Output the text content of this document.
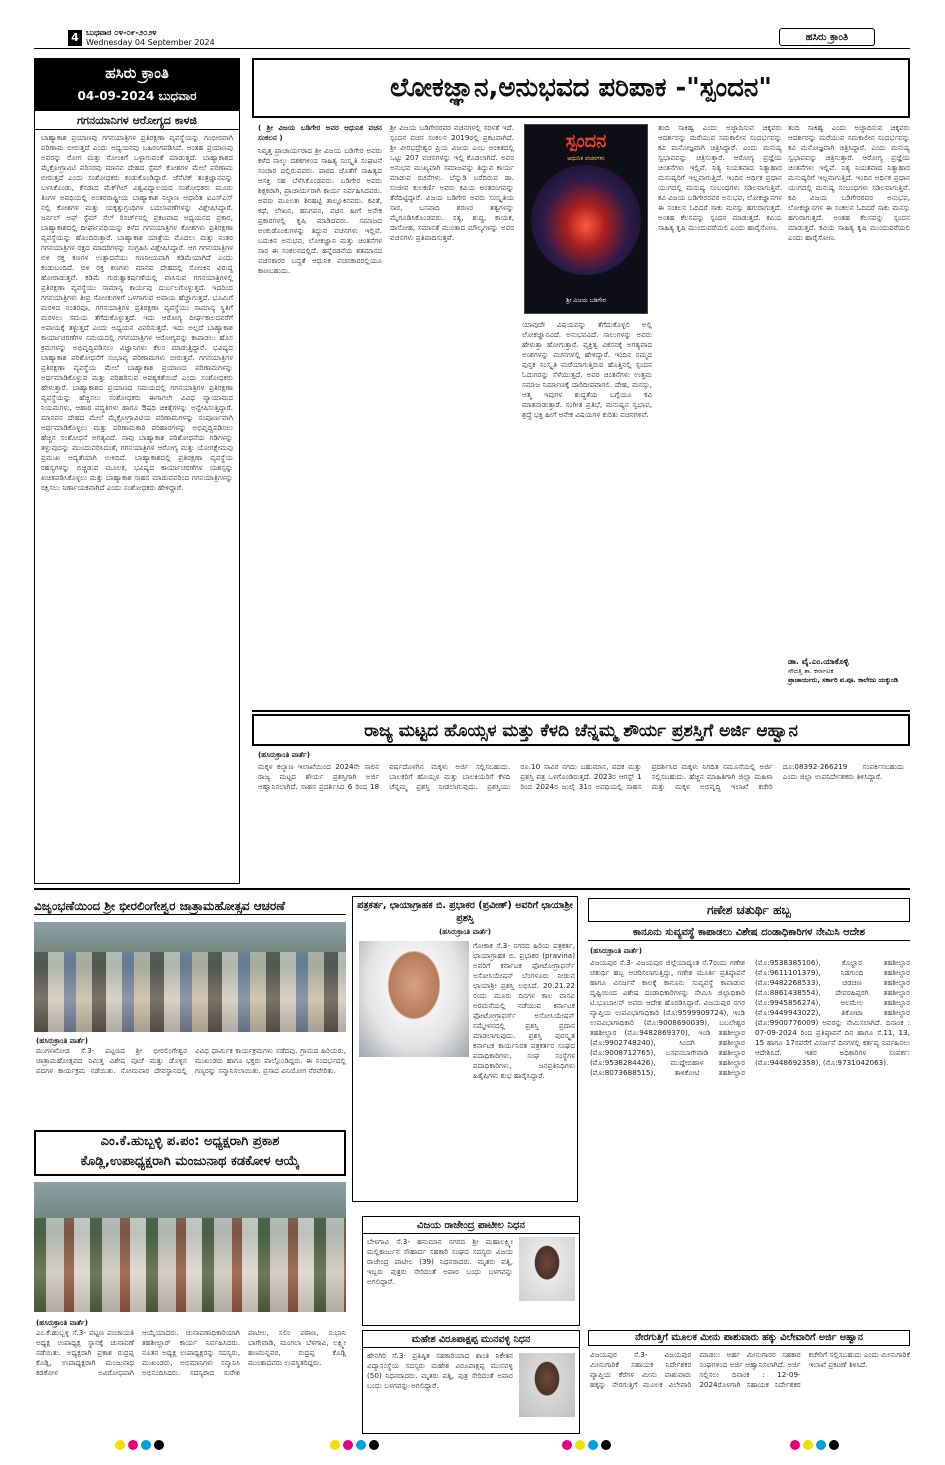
4 ಬುಧವಾರ ೦೪-೦೯-೨೦೨೪
Wednesday 04 September 2024	ಹಸಿರು ಕ್ರಾಂತಿ
ಹಸಿರು ಕ್ರಾಂತಿ
04-09-2024 ಬುಧವಾರ
ಗಗನಯಾನಿಗಳ ಆರೋಗ್ಯದ ಕಾಳಜಿ
ಬಾಹ್ಯಾಕಾಶ ಪ್ರಯಾಣವು ಗಗನಯಾತ್ರಿಗಳ ಪ್ರತಿರಕ್ಷಣಾ ವ್ಯವಸ್ಥೆಯನ್ನು ಗಂಭೀರವಾಗಿ ಪರಿಣಾಮ ಬೀರುತ್ತದೆ ಎಂದು ಅಧ್ಯಯನವು ಬಹಿರಂಗಪಡಿಸಿದೆ. ಅಂತಹ ಪ್ರಯಾಣವು ಅವರನ್ನು ರೋಗ ಮತ್ತು ಸೋಂಕಿಗೆ ಒಳ್ಳಾಗುವಂತೆ ಮಾಡುತ್ತದೆ. ಬಾಹ್ಯಾಕಾಶದ ಮೈಕ್ರೋಗ್ರಾವಿಟಿ ಪರಿಸರವು ಮಾನವ ದೇಹದ ಸ್ಟೆಮ್ ಕೋಶಗಳ ಮೇಲೆ ಪರಿಣಾಮ ಬೀರುತ್ತದೆ ಎಂದು ಸಂಶೋಧಕರು ಕಂಡುಕೊಂಡಿದ್ದಾರೆ. ಜೆನೆಟಿಕ್ ತಂತ್ರಜ್ಞಾನವನ್ನು ಬಳಸಿಕೊಂಡು, ಕೆನಡಾದ ಮೆಕ್‌ಗಿಲ್ ವಿಶ್ವವಿದ್ಯಾಲಯದ ಸಂಶೋಧಕರು ಮೂರು ತಿಂಗಳ ಅವಧಿಯಲ್ಲಿ ಅಂತರರಾಷ್ಟ್ರೀಯ ಬಾಹ್ಯಾಕಾಶ ನಿಲ್ದಾಣ ಆಧಾರಿತ ಐಎಸ್‌ಎಸ್ ನಲ್ಲಿ ಕೋಶಗಳ ಮತ್ತು ಯಕೃತ್ತುಗ್ರಂಥಿಗಳ ಬದಲಾವಣೆಗಳನ್ನು ವಿಶ್ಲೇಷಿಸಿದ್ದಾರೆ. ಜರ್ನಲ್ ಆಫ್ ಸ್ಟೆಮ್ ಸೆಲ್ ರಿಸರ್ಚ್‌ನಲ್ಲಿ ಪ್ರಕಟವಾದ ಅಧ್ಯಯನದ ಪ್ರಕಾರ, ಬಾಹ್ಯಾಕಾಶದಲ್ಲಿ ದೀರ್ಘಾವಧಿಯನ್ನು ಕಳೆದ ಗಗನಯಾತ್ರಿಗಳ ಕೋಶಗಳು ಪ್ರತಿರಕ್ಷಣಾ ವ್ಯವಸ್ಥೆಯನ್ನು ಹೊಂದಿರುತ್ತಾರೆ. ಬಾಹ್ಯಾಕಾಶ ಯಾತ್ರೆಯ ಮೊದಲು ಮತ್ತು ನಂತರ ಗಗನಯಾತ್ರಿಗಳ ರಕ್ತದ ಮಾದರಿಗಳನ್ನು ಸಂಗ್ರಹಿಸಿ ವಿಶ್ಲೇಷಿಸಿದ್ದಾರೆ. ಆಗ ಗಗನಯಾತ್ರಿಗಳ ಬಿಳಿ ರಕ್ತ ಕಣಗಳ ಉತ್ಪಾದನೆಯು ಗಣನೀಯವಾಗಿ ಕಡಿಮೆಯಾಗಿದೆ ಎಂದು ಕಂಡುಬಂದಿದೆ. ಬಿಳಿ ರಕ್ತ ಕಣಗಳು ಮಾನವ ದೇಹದಲ್ಲಿ ಸೋಂಕಿನ ವಿರುದ್ಧ ಹೋರಾಡುತ್ತವೆ. ಕಡಿಮೆ ಗುರುತ್ವಾಕರ್ಷಣೆಯಲ್ಲಿ ವಾಸಿಸುವ ಗಗನಯಾತ್ರಿಗಳಲ್ಲಿ ಪ್ರತಿರಕ್ಷಣಾ ವ್ಯವಸ್ಥೆಯು ಸಾಮಾನ್ಯ ಕಾರ್ಯವು ದುರ್ಬಲಗೊಳ್ಳುತ್ತದೆ. ಇದರಿಂದ ಗಗನಯಾತ್ರಿಗಳು ತೀವ್ರ ಸೋಂಕುಗಳಿಗೆ ಒಳಗಾಗುವ ಅಪಾಯ ಹೆಚ್ಚಾಗುತ್ತದೆ. ಭೂಮಿಗೆ ಮರಳಿದ ನಂತರವೂ, ಗಗನಯಾತ್ರಿಗಳ ಪ್ರತಿರಕ್ಷಣಾ ವ್ಯವಸ್ಥೆಯು ಸಾಮಾನ್ಯ ಸ್ಥಿತಿಗೆ ಮರಳಲು ಸಮಯ ತೆಗೆದುಕೊಳ್ಳುತ್ತದೆ. ಇದು ಆರೋಗ್ಯ ದೀರ್ಘಕಾಲದವರೆಗೆ ಅಪಾಯಕ್ಕೆ ತಳ್ಳುತ್ತದೆ ಎಂದು ಅಧ್ಯಯನ ವಿವರಿಸುತ್ತದೆ. ಇದು ಅಲ್ಲದೆ ಬಾಹ್ಯಾಕಾಶ ಕಾರ್ಯಾಚರಣೆಗಳ ಸಮಯದಲ್ಲಿ ಗಗನಯಾತ್ರಿಗಳ ಆರೋಗ್ಯವನ್ನು ಕಾಪಾಡಲು ಹೊಸ ಕ್ರಮಗಳನ್ನು ಅಭಿವೃದ್ಧಿಪಡಿಸಲು ವಿಜ್ಞಾನಿಗಳು ಕೆಲಸ ಮಾಡುತ್ತಿದ್ದಾರೆ. ಭವಿಷ್ಯದ ಬಾಹ್ಯಾಕಾಶ ಪರಿಶೋಧನೆಗೆ ಸಂಭಾವ್ಯ ಪರಿಣಾಮಗಳು ಬೀರುತ್ತವೆ. ಗಗನಯಾತ್ರಿಗಳ ಪ್ರತಿರಕ್ಷಣಾ ವ್ಯವಸ್ಥೆಯ ಮೇಲೆ ಬಾಹ್ಯಾಕಾಶ ಪ್ರಯಾಣದ ಪರಿಣಾಮಗಳನ್ನು ಅರ್ಥಮಾಡಿಕೊಳ್ಳುವ ಮತ್ತು ಪರಿಹರಿಸುವ ಅವಶ್ಯಕತೆಯಿದೆ ಎಂದು ಸಂಶೋಧಕರು ಹೇಳುತ್ತಾರೆ. ಬಾಹ್ಯಾಕಾಶದ ಪ್ರಯಾಣದ ಸಮಯದಲ್ಲಿ ಗಗನಯಾತ್ರಿಗಳ ಪ್ರತಿರಕ್ಷಣಾ ವ್ಯವಸ್ಥೆಯನ್ನು ಹೆಚ್ಚಿಸಲು ಸಂಶೋಧಕರು ಈಗಾಗಲೇ ವಿವಿಧ ವ್ಯಾಯಾಮದ ನಿಯಮಗಳು, ಆಹಾರ ಪದ್ಧತಿಗಳು ಹಾಗೂ ಔಷಧಿ ಚಿಕಿತ್ಸೆಗಳನ್ನು ಅನ್ವೇಷಿಸುತ್ತಿದ್ದಾರೆ. ಮಾನವನ ದೇಹದ ಮೇಲೆ ಮೈಕ್ರೋಗ್ರಾವಿಟಿಯ ಪರಿಣಾಮಗಳನ್ನು ಸಂಪೂರ್ಣವಾಗಿ ಅರ್ಥಮಾಡಿಕೊಳ್ಳಲು ಮತ್ತು ಪರಿಣಾಮಕಾರಿ ಪರಿಹಾರಗಳನ್ನು ಅಭಿವೃದ್ಧಿಪಡಿಸಲು ಹೆಚ್ಚಿನ ಸಂಶೋಧನೆ ಅಗತ್ಯವಿದೆ. ನಾವು ಬಾಹ್ಯಾಕಾಶ ಪರಿಶೋಧನೆಯ ಗಡಿಗಳನ್ನು ತಳ್ಳುವುದನ್ನು ಮುಂದುವರಿಸಿದಂತೆ, ಗಗನಯಾತ್ರಿಗಳ ಆರೋಗ್ಯ ಮತ್ತು ಯೋಗಕ್ಷೇಮವು ಪ್ರಮುಖ ಆದ್ಯತೆಯಾಗಿ ಉಳಿದಿದೆ. ಬಾಹ್ಯಾಕಾಶದಲ್ಲಿ ಪ್ರತಿರಕ್ಷಣಾ ವ್ಯವಸ್ಥೆಯ ರಹಸ್ಯಗಳನ್ನು ಬಿಚ್ಚಿಡುವ ಮೂಲಕ, ಭವಿಷ್ಯದ ಕಾರ್ಯಾಚರಣೆಗಳ ಯಶಸ್ಸನ್ನು ಖಚಿತಪಡಿಸಿಕೊಳ್ಳಲು ಮತ್ತು ಬಾಹ್ಯಾಕಾಶ ಸಾಹಸ ಮಾಡುವವರಿಂದ ಗಗನಯಾತ್ರಿಗಳನ್ನು ರಕ್ಷಿಸಲು ನಿರ್ಣಾಯಕವಾಗಿದೆ ಎಂದು ಸಂಶೋಧಕರು ಹೇಳಿದ್ದಾರೆ.
ಲೋಕಜ್ಞಾನ,ಅನುಭವದ ಪರಿಪಾಕ -"ಸ್ಪಂದನ"
( ಶ್ರೀ ವಿಜಯ ಬಡಿಗೇರ ಅವರ ಆಧುನಿಕ ವಚನ ಸಂಕಲನ )
ನಿವೃತ್ತ ಪ್ರಾಚಾರ್ಯರಾದ ಶ್ರೀ ವಿಜಯ ಬಡಿಗೇರ ಅವರು ಕಳೆದ ನಾಲ್ಕು ದಶಕಗಳಿಂದ ಸಾಹಿತ್ಯ ಸಂಸ್ಕೃತಿ ಸಂಘಟನೆ ಸಂಚಾರ ದಲ್ಲಿರುವವರು. ಪಾಠದ ಜೊತೆಗೆ ಸಾಹಿತ್ಯದ ಆಸಕ್ತಿ ಸಹ ಬೆಳೆಸಿಕೊಂಡವರು. ಬಡಿಗೇರ ಅವರು ಶಿಕ್ಷಕರಾಗಿ, ಪ್ರಾಚಾರ್ಯರಾಗಿ ಕಾರ್ಯ ನಿರ್ವಹಿಸಿದವರು. ಅವರು ಮೂಲತಃ ಶಿರಹಟ್ಟಿ ತಾಲ್ಲೂಕಿನವರು. ಕವಿತೆ, ಕಥೆ, ಲೇಖನ, ಹನಿಗವನ, ವಚನ ಹೀಗೆ ಅನೇಕ ಪ್ರಕಾರಗಳಲ್ಲಿ ಕೃಷಿ ಮಾಡಿದವರು. ಸಮಾಜದ ಅಂಕುಡೊಂಕುಗಳನ್ನು ತಿದ್ದುವ ವಚನಗಳು ಇಲ್ಲಿವೆ. ಬದುಕಿನ ಅನುಭವ, ಲೋಕಜ್ಞಾನ ಮತ್ತು ಚಿಂತನೆಗಳ ಸಾರ ಈ ಸಂಕಲನದಲ್ಲಿದೆ. ಹನ್ನೆರಡನೆಯ ಶತಮಾನದ ವಚನಕಾರರ ಬದ್ಧತೆ ಆಧುನಿಕ ವಚನಕಾರರಲ್ಲಿಯೂ ಕಾಣಬಹುದು.
ಶ್ರೀ ವಿಜಯ ಬಡಿಗೇರರವರ ವಚನಗಳಲ್ಲಿ ಸರಳತೆ ಇದೆ. ಸ್ಪಂದನ ವಚನ ಸಂಕಲನ 2019ರಲ್ಲಿ ಪ್ರಕಟವಾಗಿದೆ. ಶ್ರೀ ವೀರಭದ್ರೇಶ್ವರ ಪ್ರಿಯ ವಿಜಯ ಎಂಬ ಅಂಕಿತದಲ್ಲಿ ಒಟ್ಟು 207 ವಚನಗಳನ್ನು ಇಲ್ಲಿ ಕೊಡಲಾಗಿದೆ. ಅವರ ಅನುಭವ ಮುಖ್ಯವಾಗಿ ಸಮಾಜವನ್ನು ತಿದ್ದುವ ಕಾರ್ಯ ಮಾಡುವ ರಚನೆಗಳು. ಬೆನ್ನುಡಿ ಬರೆದಿರುವ ಡಾ. ಸಂಜೀವ ಕುಲಕರ್ಣಿ ಅವರು ಕವಿಯ ಅಂತರಂಗವನ್ನು ತೆರೆದಿಟ್ಟಿದ್ದಾರೆ. ವಿಜಯ ಬಡಿಗೇರ ಅವರು ಸಂಸ್ಕೃತಿಯ ಸಾರ, ಬಸವಾದಿ ಶರಣರ ತತ್ವಗಳನ್ನು ಮೈಗೂಡಿಸಿಕೊಂಡವರು. ಸತ್ಯ, ಶುದ್ಧ, ಕಾಯಕ, ದಾಸೋಹ, ಸಮಾನತೆ ಮುಂತಾದ ಮೌಲ್ಯಗಳನ್ನು ಅವರ ವಚನಗಳು ಪ್ರತಿಪಾದಿಸುತ್ತವೆ.
ಸ್ಪಂದನ
ಆಧುನಿಕ ವಚನಗಳು
ಶ್ರೀ ವಿಜಯ ಬಡಿಗೇರ
ಯಾವುದೇ ವಿಷಯವನ್ನು ತೆಗೆದುಕೊಳ್ಳಲಿ ಅಲ್ಲಿ ಲೋಕಜ್ಞಾನವಿದೆ. ಅನುಭವವಿದೆ. ಸಾಲುಗಳನ್ನು ಅವರು ಹೇಳುತ್ತಾ ಹೋಗುತ್ತಾರೆ. ವ್ಯಕ್ತಿತ್ವ ವಿಕಸನಕ್ಕೆ ಅಗತ್ಯವಾದ ಅಂಶಗಳನ್ನು ವಚನಗಳಲ್ಲಿ ಹೇಳಿದ್ದಾರೆ. ಇಂದಿನ ನಮ್ಮದ ಪುಸ್ತಕ ಸಂಸ್ಕೃತಿ ಮರೆಯಾಗುತ್ತಿರುವ ಹೊತ್ತಿನಲ್ಲಿ ಸ್ಪಂದನ ಓದುಗರನ್ನು ಸೆಳೆಯುತ್ತದೆ. ಅವರ ಚಿಂತನೆಗಳು ಉತ್ತಮ ಸಮಾಜ ನಿರ್ಮಾಣಕ್ಕೆ ದಾರಿದೀಪವಾಗಲಿ. ದೇಹ, ಮನಸ್ಸು, ಆತ್ಮ ಇವುಗಳ ಶುದ್ಧತೆಯ ಬಗ್ಗೆಯೂ ಕವಿ ಮಾತನಾಡುತ್ತಾರೆ. ಸಂಗೀತ ಪ್ರತಿಭೆ, ಮನುಷ್ಯನ ಸ್ವಭಾವ, ಶ್ರದ್ಧೆ ಭಕ್ತಿ ಹೀಗೆ ಅನೇಕ ವಿಷಯಗಳ ಕುರಿತು ವಚನಗಳಿವೆ.
ತಂದಿ ಸಾಕಿಹ್ವ ಎಂದು ಅಜ್ಜಾದಿಸುವ ಚಿಕ್ಕವರು ಆದರ್ಶರನ್ನು ಮರೆಯುವ ಸಮಕಾಲೀನ ಸಂದರ್ಭವನ್ನು ಕವಿ ಮನೋಜ್ಞವಾಗಿ ಚಿತ್ರಿಸಿದ್ದಾರೆ. ಎಂದು ಮನುಷ್ಯ ಸ್ವಭಾವವನ್ನು ಚಿತ್ರಿಸುತ್ತಾರೆ. ಆರೋಗ್ಯ ಪ್ರಜ್ಞೆಯ ಚಿಂತನೆಗಳು ಇಲ್ಲಿವೆ. ನಿತ್ಯ ನಿಯತವಾದ ನಿತ್ಯಾಹಾರ ಮನುಷ್ಯರಿಗೆ ಇಲ್ಲವಾಗುತ್ತಿದೆ. ಇಂದಿನ ಆರ್ಥಿಕ ಪ್ರಧಾನ ಯುಗದಲ್ಲಿ ಮನುಷ್ಯ ಸಂಬಂಧಗಳು ಸಡಿಲವಾಗುತ್ತಿವೆ. ಕವಿ ವಿಜಯ ಬಡಿಗೇರರವರ ಅನುಭವ, ಲೋಕಜ್ಞಾನಗಳ ಈ ಸಂಕಲನ ಓದಿದರೆ ಸಾಕು ಮನಸ್ಸು ಹಗುರಾಗುತ್ತದೆ. ಅಂತಹ ಕೆಲಸವನ್ನು ಸ್ಪಂದನ ಮಾಡುತ್ತದೆ. ಕವಿಯ ಸಾಹಿತ್ಯ ಕೃಷಿ ಮುಂದುವರೆಯಲಿ ಎಂದು ಹಾರೈಸೋಣ.
ತಂದಿ ಸಾಕಿಹ್ವ ಎಂದು ಅಜ್ಜಾದಿಸುವ ಚಿಕ್ಕವರು ಆದರ್ಶರನ್ನು ಮರೆಯುವ ಸಮಕಾಲೀನ ಸಂದರ್ಭವನ್ನು ಕವಿ ಮನೋಜ್ಞವಾಗಿ ಚಿತ್ರಿಸಿದ್ದಾರೆ. ಎಂದು ಮನುಷ್ಯ ಸ್ವಭಾವವನ್ನು ಚಿತ್ರಿಸುತ್ತಾರೆ. ಆರೋಗ್ಯ ಪ್ರಜ್ಞೆಯ ಚಿಂತನೆಗಳು ಇಲ್ಲಿವೆ. ನಿತ್ಯ ನಿಯತವಾದ ನಿತ್ಯಾಹಾರ ಮನುಷ್ಯರಿಗೆ ಇಲ್ಲವಾಗುತ್ತಿದೆ. ಇಂದಿನ ಆರ್ಥಿಕ ಪ್ರಧಾನ ಯುಗದಲ್ಲಿ ಮನುಷ್ಯ ಸಂಬಂಧಗಳು ಸಡಿಲವಾಗುತ್ತಿವೆ. ಕವಿ ವಿಜಯ ಬಡಿಗೇರರವರ ಅನುಭವ, ಲೋಕಜ್ಞಾನಗಳ ಈ ಸಂಕಲನ ಓದಿದರೆ ಸಾಕು ಮನಸ್ಸು ಹಗುರಾಗುತ್ತದೆ. ಅಂತಹ ಕೆಲಸವನ್ನು ಸ್ಪಂದನ ಮಾಡುತ್ತದೆ. ಕವಿಯ ಸಾಹಿತ್ಯ ಕೃಷಿ ಮುಂದುವರೆಯಲಿ ಎಂದು ಹಾರೈಸೋಣ.
ಡಾ. ವೈ.ಎಂ.ಯಾಕೊಳ್ಳಿ
ಸೌದತ್ತಿ ತಾ. ಕರ್ನಾಟಕ
ಪ್ರಾಚಾರ್ಯರು, ಸರ್ಕಾರಿ ಪ.ಪೂ. ಕಾಲೇಜು ಯಕ್ಕುಂಡಿ
ರಾಜ್ಯ ಮಟ್ಟದ ಹೊಯ್ಸಳ ಮತ್ತು ಕೆಳದಿ ಚೆನ್ನಮ್ಮ ಶೌರ್ಯ ಪ್ರಶಸ್ತಿಗೆ ಅರ್ಜಿ ಆಹ್ವಾನ
(ಹಸಿರುಕ್ರಾಂತಿ ವಾರ್ತೆ)
ಮಕ್ಕಳ ಕಲ್ಯಾಣ ಇಲಾಖೆಯಿಂದ 2024ನೇ ಸಾಲಿನ ರಾಜ್ಯ ಮಟ್ಟದ ಶೌರ್ಯ ಪ್ರಶಸ್ತಿಗಾಗಿ ಅರ್ಜಿ ಆಹ್ವಾನಿಸಲಾಗಿದೆ. ಸಾಹಸ ಪ್ರದರ್ಶಿಸಿದ 6 ರಿಂದ 18 ವರ್ಷದೊಳಗಿನ ಮಕ್ಕಳು ಅರ್ಜಿ ಸಲ್ಲಿಸಬಹುದು. ಬಾಲಕರಿಗೆ ಹೊಯ್ಸಳ ಮತ್ತು ಬಾಲಕಿಯರಿಗೆ ಕೆಳದಿ ಚೆನ್ನಮ್ಮ ಪ್ರಶಸ್ತಿ ನೀಡಲಾಗುವುದು. ಪ್ರಶಸ್ತಿಯು ರೂ.10 ಸಾವಿರ ನಗದು ಬಹುಮಾನ, ಪದಕ ಮತ್ತು ಪ್ರಶಸ್ತಿ ಪತ್ರ ಒಳಗೊಂಡಿರುತ್ತದೆ. 2023ರ ಆಗಸ್ಟ್ 1 ರಿಂದ 2024ರ ಜುಲೈ 31ರ ಅವಧಿಯಲ್ಲಿ ಸಾಹಸ ಪ್ರದರ್ಶಿಸಿದ ಮಕ್ಕಳು ನಿಗದಿತ ನಮೂನೆಯಲ್ಲಿ ಅರ್ಜಿ ಸಲ್ಲಿಸಬಹುದು. ಹೆಚ್ಚಿನ ಮಾಹಿತಿಗಾಗಿ ಜಿಲ್ಲಾ ಮಹಿಳಾ ಮತ್ತು ಮಕ್ಕಳ ಅಭಿವೃದ್ಧಿ ಇಲಾಖೆ ಕಚೇರಿ ದೂ:08392-266219 ಸಂಪರ್ಕಿಸಬಹುದು ಎಂದು ಜಿಲ್ಲಾ ಉಪನಿರ್ದೇಶಕರು ತಿಳಿಸಿದ್ದಾರೆ.
ವಿಜೃಂಭಣೆಯಿಂದ ಶ್ರೀ ಭೀರಲಿಂಗೇಶ್ವರ ಜಾತ್ರಾಮಹೋತ್ಸವ ಆಚರಣೆ
(ಹಸಿರುಕ್ರಾಂತಿ ವಾರ್ತೆ)
ಮುಗಳಖೋಡ ಸೆ.3- ಪಟ್ಟಣದ ಶ್ರೀ ಭೀರಲಿಂಗೇಶ್ವರ ಜಾತ್ರಾಮಹೋತ್ಸವದ ನಿಮಿತ್ತ ವಿಶೇಷ ಪೂಜೆ ಮತ್ತು ಡೊಳ್ಳಿನ ಪದಗಳ ಕಾರ್ಯಕ್ರಮ ನಡೆಯಿತು. ಸೋಮವಾರ ದೇವಸ್ಥಾನದಲ್ಲಿ ವಿವಿಧ ಧಾರ್ಮಿಕ ಕಾರ್ಯಕ್ರಮಗಳು ನಡೆದವು. ಗ್ರಾಮದ ಹಿರಿಯರು, ಮುಖಂಡರು ಹಾಗೂ ಭಕ್ತರು ಪಾಲ್ಗೊಂಡಿದ್ದರು. ಈ ಸಂದರ್ಭದಲ್ಲಿ ಗಣ್ಯರನ್ನು ಸನ್ಮಾನಿಸಲಾಯಿತು. ಪ್ರಸಾದ ವಿನಿಯೋಗ ನೆರವೇರಿತು.
ಎಂ.ಕೆ.ಹುಬ್ಬಳ್ಳಿ ಪ.ಪಂ: ಅಧ್ಯಕ್ಷರಾಗಿ ಪ್ರಕಾಶ
ಕೊಡ್ಲಿ,ಉಪಾಧ್ಯಕ್ಷರಾಗಿ ಮಂಜುನಾಥ ಕಡಕೋಳ ಆಯ್ಕೆ
(ಹಸಿರುಕ್ರಾಂತಿ ವಾರ್ತೆ)
ಎಂ.ಕೆ.ಹುಬ್ಬಳ್ಳಿ ಸೆ.3- ಪಟ್ಟಣ ಪಂಚಾಯತಿ ಅಧ್ಯಕ್ಷ ಉಪಾಧ್ಯಕ್ಷ ಸ್ಥಾನಕ್ಕೆ ಚುನಾವಣೆ ನಡೆಯಿತು. ಅಧ್ಯಕ್ಷರಾಗಿ ಪ್ರಕಾಶ ರುದ್ರಪ್ಪ ಕೊಡ್ಲಿ, ಉಪಾಧ್ಯಕ್ಷರಾಗಿ ಮಂಜುನಾಥ ಕಡಕೋಳ ಅವಿರೋಧವಾಗಿ ಆಯ್ಕೆಯಾದರು. ಚುನಾವಣಾಧಿಕಾರಿಯಾಗಿ ತಹಶೀಲ್ದಾರ್ ಕಾರ್ಯ ನಿರ್ವಹಿಸಿದರು. ನೂತನ ಅಧ್ಯಕ್ಷ ಉಪಾಧ್ಯಕ್ಷರನ್ನು ಸದಸ್ಯರು, ಮುಖಂಡರು, ಅಭಿಮಾನಿಗಳು ಸನ್ಮಾನಿಸಿ ಅಭಿನಂದಿಸಿದರು. ಸದಸ್ಯರಾದ ಸುರೇಶ ಪಾಟೀಲ, ಸಲಿಂ ಪಠಾಣ, ಸುಭಾನಿ ಬಾಗೇವಾಡಿ, ಮಂಗಲಾ ಬೆಳಗಾವಿ, ಲಕ್ಷ್ಮೀ ಹಣಮನ್ನವರ, ರುದ್ರಪ್ಪ ಕೊಡ್ಲಿ ಮುಂತಾದವರು ಉಪಸ್ಥಿತರಿದ್ದರು.
ಪತ್ರಕರ್ತ, ಛಾಯಾಗ್ರಾಹಕ ಬಿ. ಪ್ರಭಾಕರ (ಪ್ರವೀಣ್) ಅವರಿಗೆ ಛಾಯಾಶ್ರೀ ಪ್ರಶಸ್ತಿ
(ಹಸಿರುಕ್ರಾಂತಿ ವಾರ್ತೆ)
ಗೋಕಾಕ ಸೆ.3- ನಗರದ ಹಿರಿಯ ಪತ್ರಕರ್ತ, ಛಾಯಾಗ್ರಾಹಕ ಬಿ. ಪ್ರಭಾಕರ (pravina) ಅವರಿಗೆ ಕರ್ನಾಟಕ ಫೋಟೋಗ್ರಾಫರ್ಸ್ ಅಸೋಸಿಯೇಷನ್ ಬೆಂಗಳೂರು ನೀಡುವ ಛಾಯಾಶ್ರೀ ಪ್ರಶಸ್ತಿ ಲಭಿಸಿದೆ. 20.21.22 ರಂದು ಮೂರು ದಿನಗಳ ಕಾಲ ವಾಸವಿ ಅರಮನೆಯಲ್ಲಿ ನಡೆಯುವ ಕರ್ನಾಟಕ ಫೋಟೋಗ್ರಾಫರ್ಸ್ ಅಸೋಸಿಯೇಷನ್ ಸಮ್ಮೇಳನದಲ್ಲಿ ಪ್ರಶಸ್ತಿ ಪ್ರದಾನ ಮಾಡಲಾಗುವುದು. ಪ್ರಶಸ್ತಿ ಪುರಸ್ಕೃತ ಕರ್ನಾಟಕ ಕಾರ್ಯನಿರತ ಪತ್ರಕರ್ತರ ಸಂಘದ ಪದಾಧಿಕಾರಿಗಳು, ಸಂಘ ಸಂಸ್ಥೆಗಳ ಪದಾಧಿಕಾರಿಗಳು, ಜನಪ್ರತಿನಿಧಿಗಳು ಹಿತೈಷಿಗಳು ಶುಭ ಹಾರೈಸಿದ್ದಾರೆ.
ವಿಜಯ ರಾಜೇಂದ್ರ ಪಾಟೀಲ ನಿಧನ
ಬೇಳಗಾವಿ ಸೆ.3- ಹನುಮಾನ ನಗರದ ಶ್ರೀ ಮಹಾಲಕ್ಷ್ಮೀ ಮಲ್ಲಿಕಾರ್ಜುನ ಸೌಹಾರ್ದ ಸಹಕಾರಿ ಸಂಘದ ಸದಸ್ಯರು ವಿಜಯ ರಾಜೇಂದ್ರ ಪಾಟೀಲ (39) ನಿಧನರಾದರು. ಮೃತರು ಪತ್ನಿ, ಇಬ್ಬರು ಪುತ್ರರು ಸೇರಿದಂತೆ ಅಪಾರ ಬಂಧು ಬಳಗವನ್ನು ಅಗಲಿದ್ದಾರೆ.
ಮಹೇಶ ವಿರೂಪಾಕ್ಷಪ್ಪ ಮುನವಳ್ಳಿ ನಿಧನ
ಹೇನಗಿರಿ ಸೆ.3- ಪ್ರತಿಷ್ಠಿತ ಸಹಕಾರಿಯಾದ ಶಾಂತಿ ನಿಕೇತನ ವಿದ್ಯಾಸಂಸ್ಥೆಯ ಸದಸ್ಯರು ಮಹೇಶ ವಿರೂಪಾಕ್ಷಪ್ಪ ಮುನವಳ್ಳಿ (50) ನಿಧನರಾದರು. ಮೃತರು ಪತ್ನಿ, ಪುತ್ರ ಸೇರಿದಂತೆ ಅಪಾರ ಬಂಧು ಬಳಗವನ್ನು ಅಗಲಿದ್ದಾರೆ.
ಗಣೇಶ ಚತುರ್ಥಿ ಹಬ್ಬ
ಕಾನೂನು ಸುವ್ಯವಸ್ಥೆ ಕಾಪಾಡಲು ವಿಶೇಷ ದಂಡಾಧಿಕಾರಿಗಳ ನೇಮಿಸಿ ಆದೇಶ
(ಹಸಿರುಕ್ರಾಂತಿ ವಾರ್ತೆ)
ವಿಜಯಪುರ ಸೆ.3- ವಿಜಯಪುರ ಜಿಲ್ಲೆಯಾದ್ಯಂತ ಸೆ.7ರಂದು ಗಣೇಶ ಚತುರ್ಥಿ ಹಬ್ಬ ಆಚರಿಸಲಾಗುತ್ತಿದ್ದು, ಗಣೇಶ ಮೂರ್ತಿ ಪ್ರತಿಷ್ಠಾಪನೆ ಹಾಗೂ ವಿಸರ್ಜನೆ ಕಾಲಕ್ಕೆ ಕಾನೂನು ಸುವ್ಯವಸ್ಥೆ ಕಾಪಾಡುವ ದೃಷ್ಟಿಯಿಂದ ವಿಶೇಷ ದಂಡಾಧಿಕಾರಿಗಳನ್ನು ನೇಮಿಸಿ ಜಿಲ್ಲಾಧಿಕಾರಿ ಟಿ.ಭೂಬಾಲನ್ ಅವರು ಆದೇಶ ಹೊರಡಿಸಿದ್ದಾರೆ. ವಿಜಯಪುರ ನಗರ ವ್ಯಾಪ್ತಿಯ ಉಪವಿಭಾಗಾಧಿಕಾರಿ (ಮೊ:9599909724), ಇಂಡಿ ಉಪವಿಭಾಗಾಧಿಕಾರಿ (ಮೊ:9008690039), ಬಬಲೇಶ್ವರ ತಹಶೀಲ್ದಾರ (ಮೊ:9482869370), ಇಂಡಿ ತಹಶೀಲ್ದಾರ (ಮೊ:9902748240), ಸಿಂದಗಿ ತಹಶೀಲ್ದಾರ (ಮೊ:9008712765), ಬಸವನಬಾಗೇವಾಡಿ ತಹಶೀಲ್ದಾರ (ಮೊ:9538284426), ಮುದ್ದೇಬಿಹಾಳ ತಹಶೀಲ್ದಾರ (ಮೊ:8073688515), ತಾಳಿಕೋಟಿ ತಹಶೀಲ್ದಾರ (ಮೊ:9538385106), ಕೊಲ್ಹಾರ ತಹಶೀಲ್ದಾರ (ಮೊ:9611101379), ನಿಡಗುಂದಿ ತಹಶೀಲ್ದಾರ (ಮೊ:9482268533), ಚಡಚಣ ತಹಶೀಲ್ದಾರ (ಮೊ:8861438554), ದೇವರಹಿಪ್ಪರಗಿ ತಹಶೀಲ್ದಾರ (ಮೊ:9945856274), ಆಲಮೇಲ ತಹಶೀಲ್ದಾರ (ಮೊ:9449943022), ತಿಕೋಟಾ ತಹಶೀಲ್ದಾರ (ಮೊ:9900776009) ಅವರನ್ನು ನೇಮಿಸಲಾಗಿದೆ. ದಿನಾಂಕ : 07-09-2024 ರಿಂದ ಪ್ರತಿಷ್ಠಾಪನೆ ದಿನ ಹಾಗೂ ಸೆ.11, 13, 15 ಹಾಗೂ 17ರವರೆಗೆ ವಿಸರ್ಜನೆ ದಿನಗಳಲ್ಲಿ ಕರ್ತವ್ಯ ನಿರ್ವಹಿಸಲು ಆದೇಶಿಸಿದೆ. ಇತರ ಅಧಿಕಾರಿಗಳ ಸಂಪರ್ಕ: (ಮೊ:9448692358), (ಮೊ:9731042063).
ನೇರಗುತ್ತಿಗೆ ಮೂಲಕ ಮೀನು ಪಾಶುವಾರು ಹಕ್ಕು ವಿಲೇವಾರಿಗೆ ಅರ್ಜಿ ಆಹ್ವಾನ
ವಿಜಯಪುರ ಸೆ.3- ವಿಜಯಪುರ ಮೀನುಗಾರಿಕೆ ಸಹಾಯಕ ನಿರ್ದೇಶಕರ ವ್ಯಾಪ್ತಿಯ ಕೆರೆಗಳ ಮೀನು ಪಾಶುವಾರು ಹಕ್ಕನ್ನು ನೇರಗುತ್ತಿಗೆ ಮೂಲಕ ವಿಲೇವಾರಿ ಮಾಡಲು ಅರ್ಹ ಮೀನುಗಾರರ ಸಹಕಾರ ಸಂಘಗಳಿಂದ ಅರ್ಜಿ ಆಹ್ವಾನಿಸಲಾಗಿದೆ. ಅರ್ಜಿ ಸಲ್ಲಿಸಲು ದಿನಾಂಕ : 12-09-2024ರೊಳಗಾಗಿ ಸಹಾಯಕ ನಿರ್ದೇಶಕರ ಕಚೇರಿಗೆ ಸಲ್ಲಿಸಬಹುದು ಎಂದು ಮೀನುಗಾರಿಕೆ ಇಲಾಖೆ ಪ್ರಕಟಣೆ ತಿಳಿಸಿದೆ.
